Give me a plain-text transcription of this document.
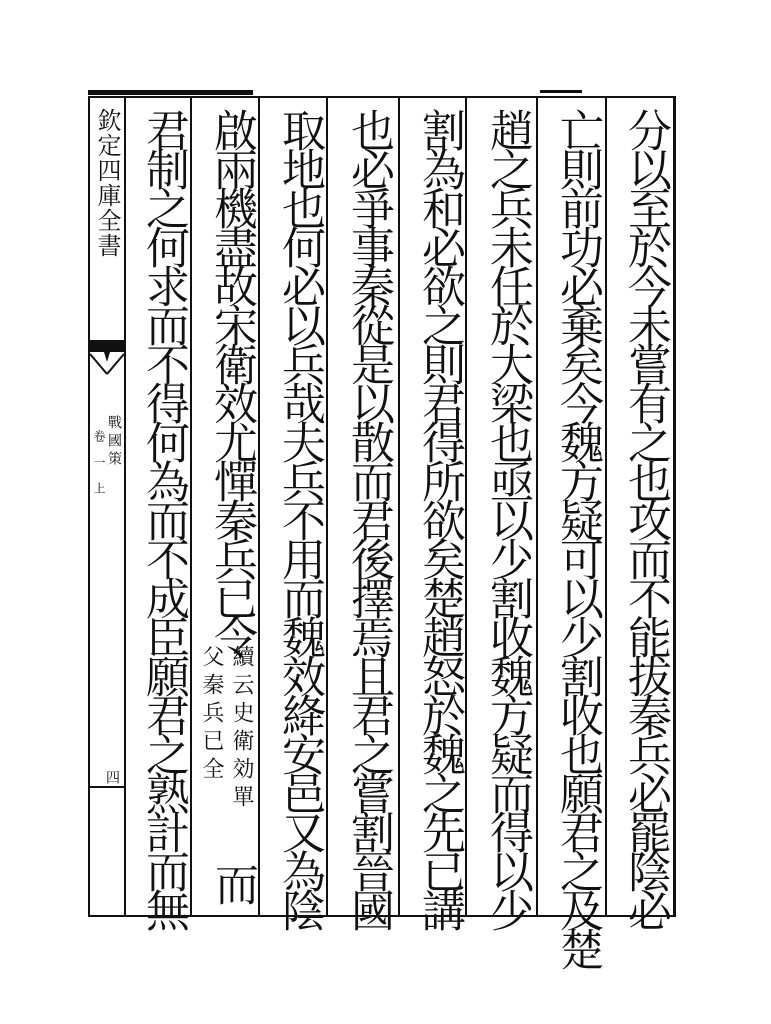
欽定四庫全書
戰國策
卷 一 上
四	分以至於今未嘗有之也攻而不能拔秦兵必罷陰必
亡則前功必棄矣今魏方疑可以少割收也願君之及楚
趙之兵未任於大梁也亟以少割收魏方疑而得以少
割為和必欲之則君得所欲矣楚趙怒於魏之先已講
也必爭事秦從是以散而君後擇焉且君之嘗割晉國
取地也何必以兵哉夫兵不用而魏效絳安邑又為陰
啟兩機盡故宋衛效尤憚秦兵已令
續云史衛効單
父秦兵已全
而
君制之何求而不得何為而不成臣願君之熟計而無
